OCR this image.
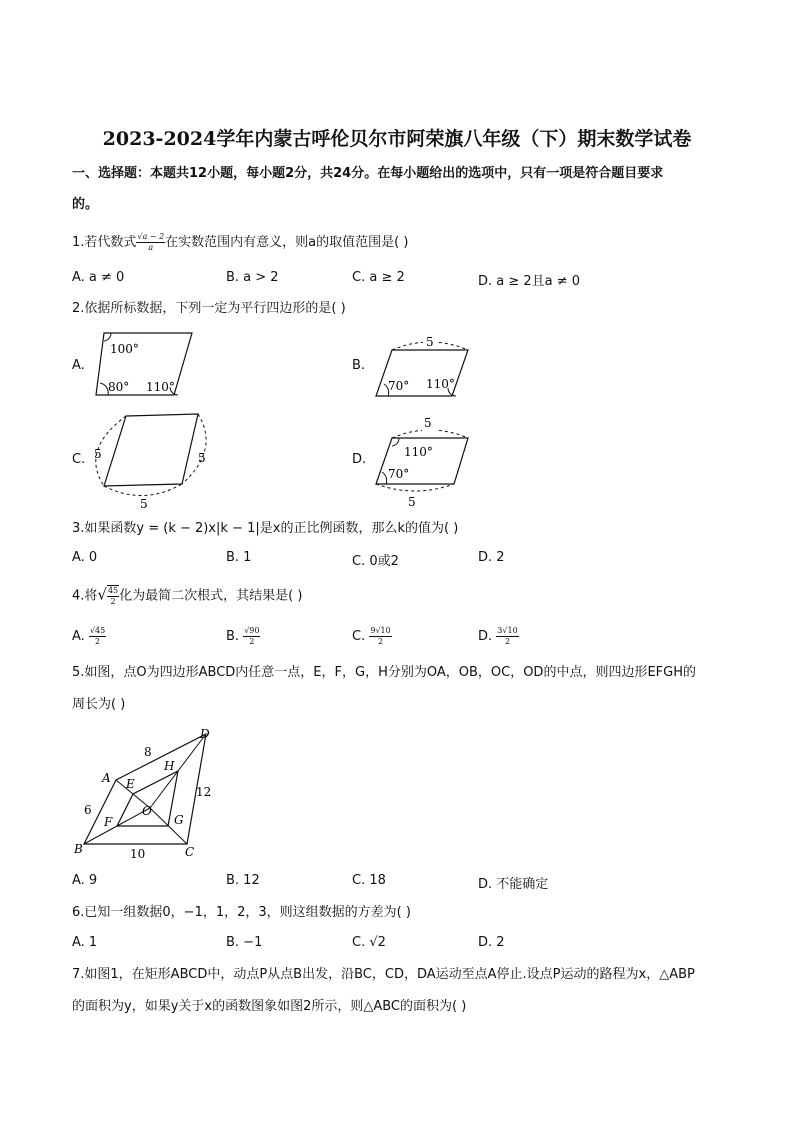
2023-2024学年内蒙古呼伦贝尔市阿荣旗八年级（下）期末数学试卷
一、选择题：本题共12小题，每小题2分，共24分。在每小题给出的选项中，只有一项是符合题目要求
的。
1.若代数式 $\frac{√a - 2}{a}$ 在实数范围内有意义，则a的取值范围是( )
A. a ≠ 0	B. a > 2	C. a ≥ 2	D. a ≥ 2且a ≠ 0
2.依据所标数据，下列一定为平行四边形的是( )
A.	B.
C.	D.
100°
80° 110°
5
70° 110°
5	5
5
5
5
110°
70°
3.如果函数y = (k − 2)x|k − 1|是x的正比例函数，那么k的值为( )
A. 0	B. 1	C. 0或2	D. 2
4.将√ $\frac{45}{2}$ 化为最简二次根式，其结果是( )
A. $\frac{√45}{2}$	B. $\frac{√90}{2}$	C. $\frac{9√10}{2}$	D. $\frac{3√10}{2}$
5.如图，点O为四边形ABCD内任意一点，E，F，G，H分别为OA，OB，OC，OD的中点，则四边形EFGH的
周长为( )
A
B	C
D
E
F	G
H
O
8
6
10
12
A. 9	B. 12	C. 18	D. 不能确定
6.已知一组数据0，−1，1，2，3，则这组数据的方差为( )
A. 1	B. −1	C. √2	D. 2
7.如图1，在矩形ABCD中，动点P从点B出发，沿BC，CD，DA运动至点A停止.设点P运动的路程为x，△ABP
的面积为y，如果y关于x的函数图象如图2所示，则△ABC的面积为( )
